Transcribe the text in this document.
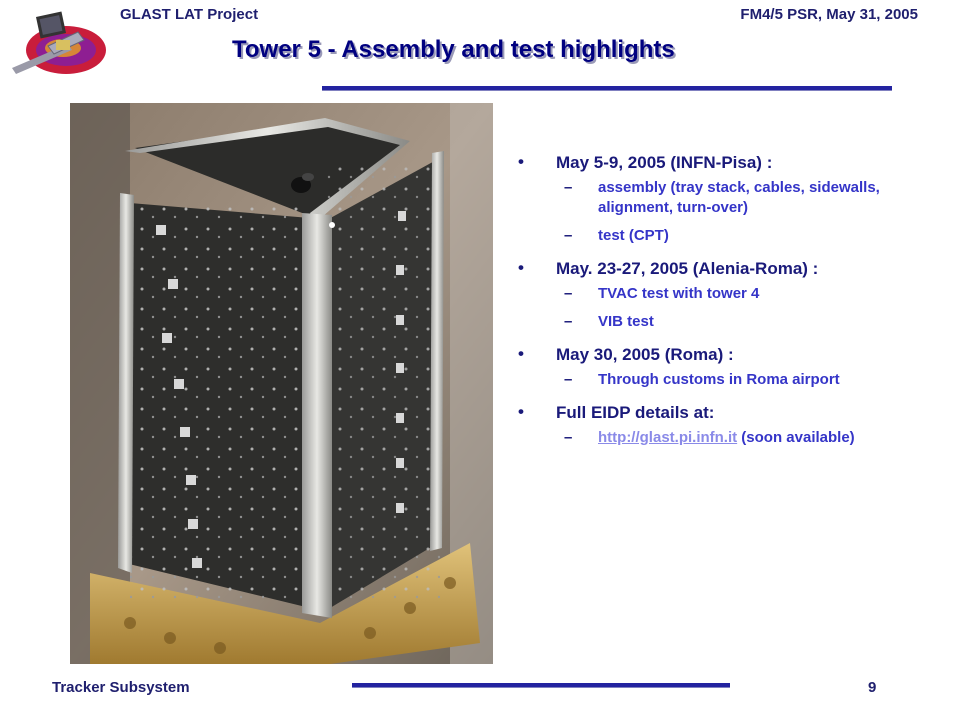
GLAST LAT Project	FM4/5 PSR, May 31, 2005
Tower 5 - Assembly and test highlights
• May 5-9, 2005 (INFN-Pisa) :
– assembly (tray stack, cables, sidewalls, alignment, turn-over)
– test (CPT)
• May. 23-27, 2005 (Alenia-Roma) :
– TVAC test with tower 4
– VIB test
• May 30, 2005 (Roma) :
– Through customs in Roma airport
• Full EIDP details at:
– http://glast.pi.infn.it (soon available)
Tracker Subsystem	9
